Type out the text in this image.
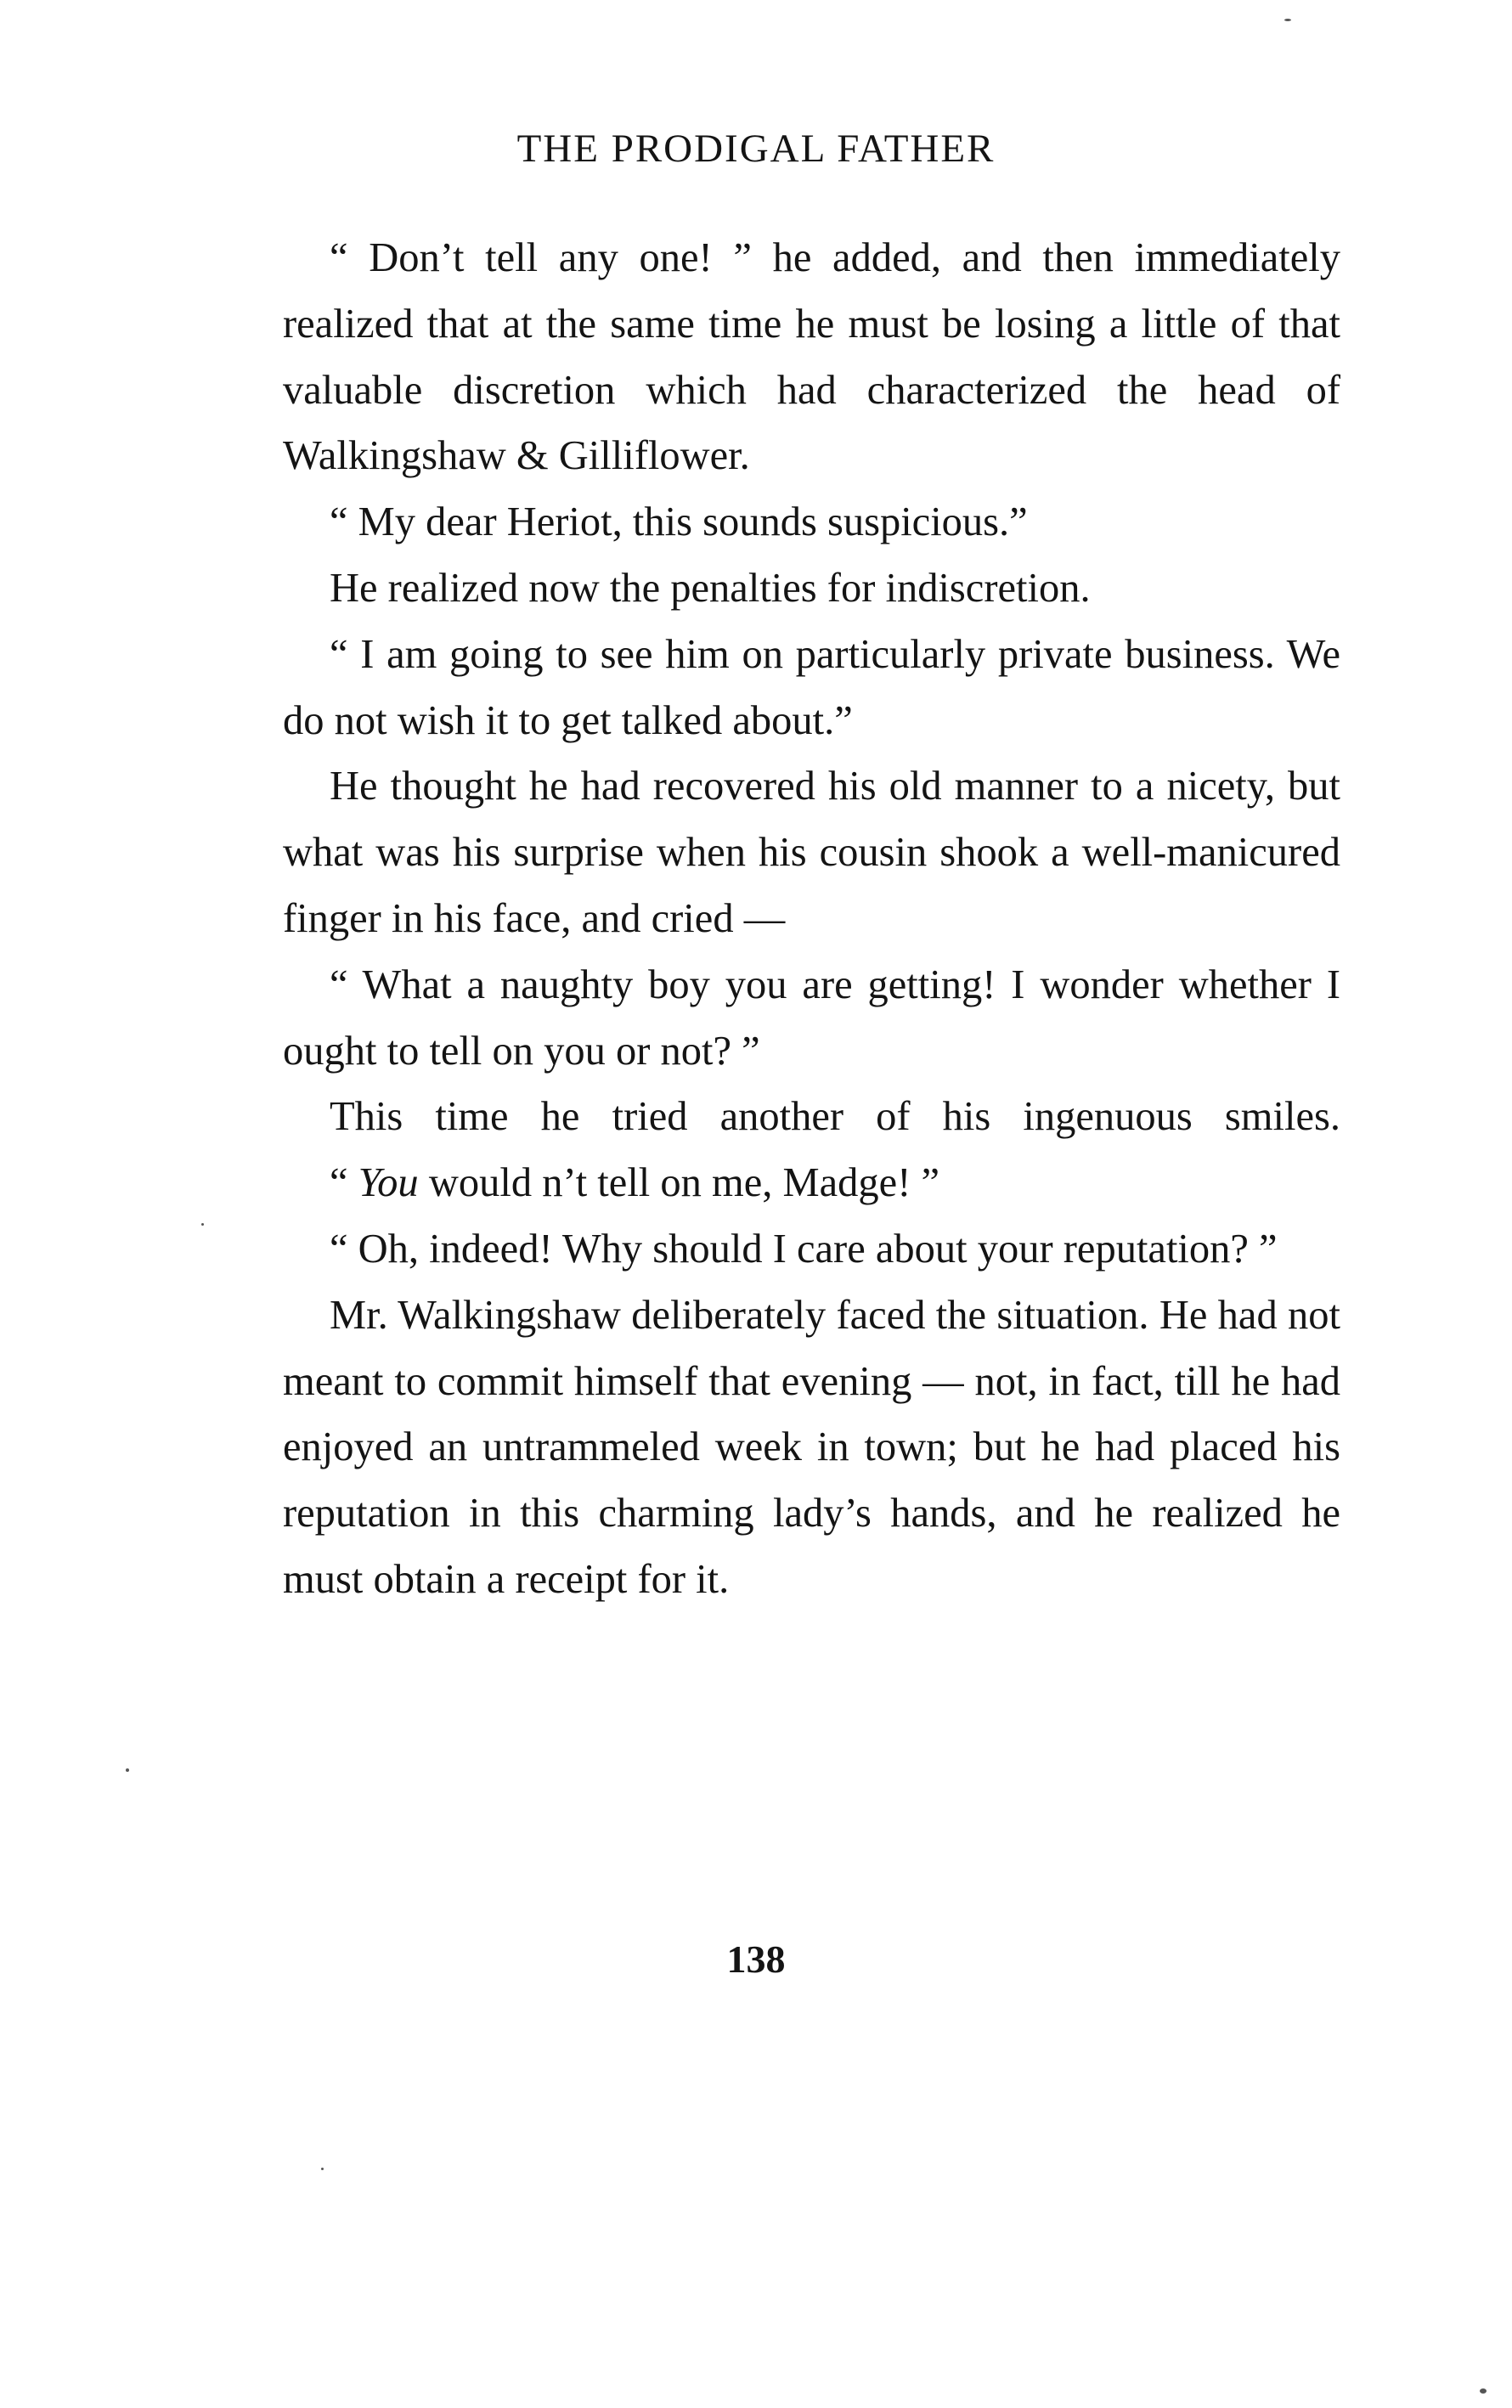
THE PRODIGAL FATHER

“ Don’t tell any one! ” he added, and then immediately realized that at the same time he must be losing a little of that valuable discretion which had characterized the head of Walkingshaw & Gilliflower.

“ My dear Heriot, this sounds suspicious.”

He realized now the penalties for indiscretion.

“ I am going to see him on particularly private business. We do not wish it to get talked about.”

He thought he had recovered his old manner to a nicety, but what was his surprise when his cousin shook a well-manicured finger in his face, and cried —

“ What a naughty boy you are getting! I wonder whether I ought to tell on you or not? ”

This time he tried another of his ingenuous smiles.

“ You would n’t tell on me, Madge! ”

“ Oh, indeed! Why should I care about your reputation? ”

Mr. Walkingshaw deliberately faced the situation. He had not meant to commit himself that evening — not, in fact, till he had enjoyed an untrammeled week in town; but he had placed his reputation in this charming lady’s hands, and he realized he must obtain a receipt for it.

138
